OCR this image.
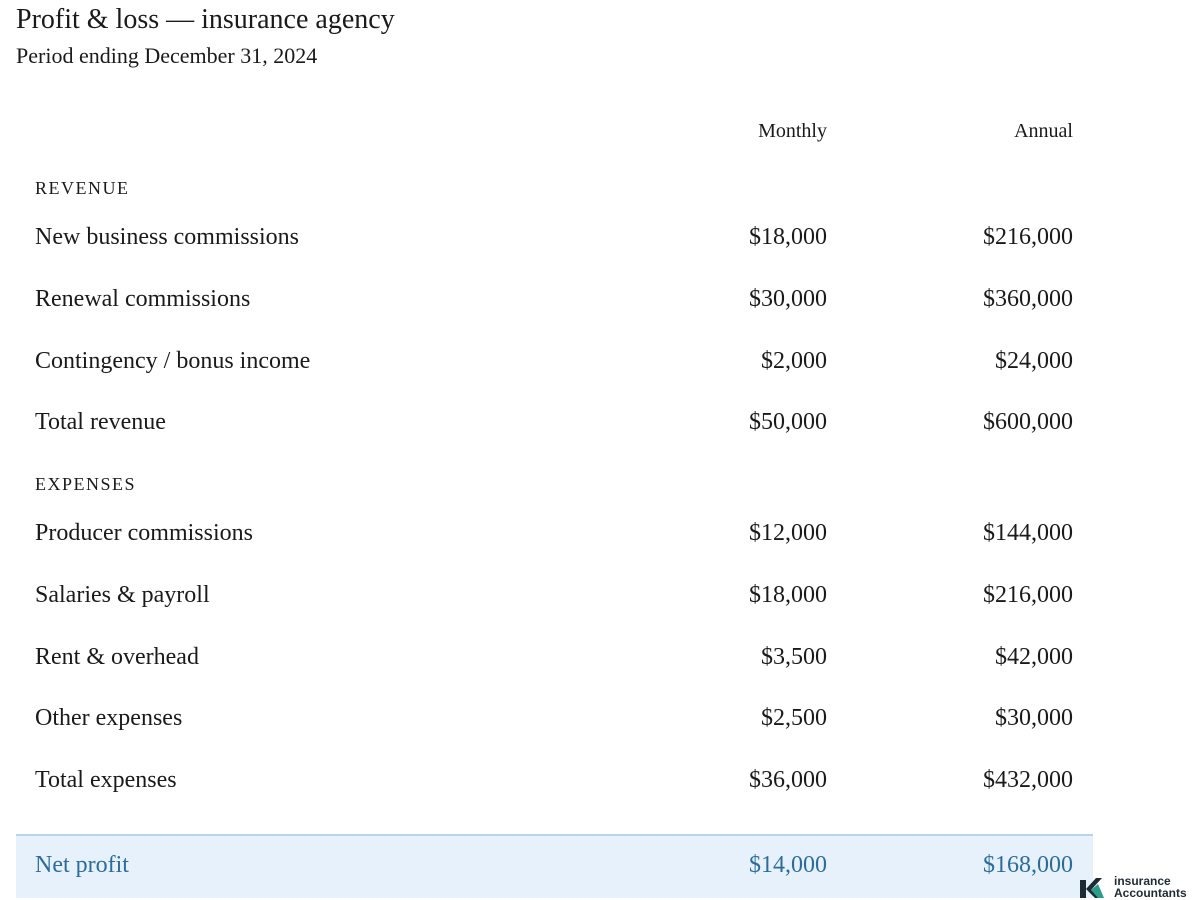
Profit & loss — insurance agency
Period ending December 31, 2024
Monthly	Annual
REVENUE
New business commissions	$18,000	$216,000
Renewal commissions	$30,000	$360,000
Contingency / bonus income	$2,000	$24,000
Total revenue	$50,000	$600,000
EXPENSES
Producer commissions	$12,000	$144,000
Salaries & payroll	$18,000	$216,000
Rent & overhead	$3,500	$42,000
Other expenses	$2,500	$30,000
Total expenses	$36,000	$432,000
Net profit	$14,000	$168,000
insurance
Accountants
